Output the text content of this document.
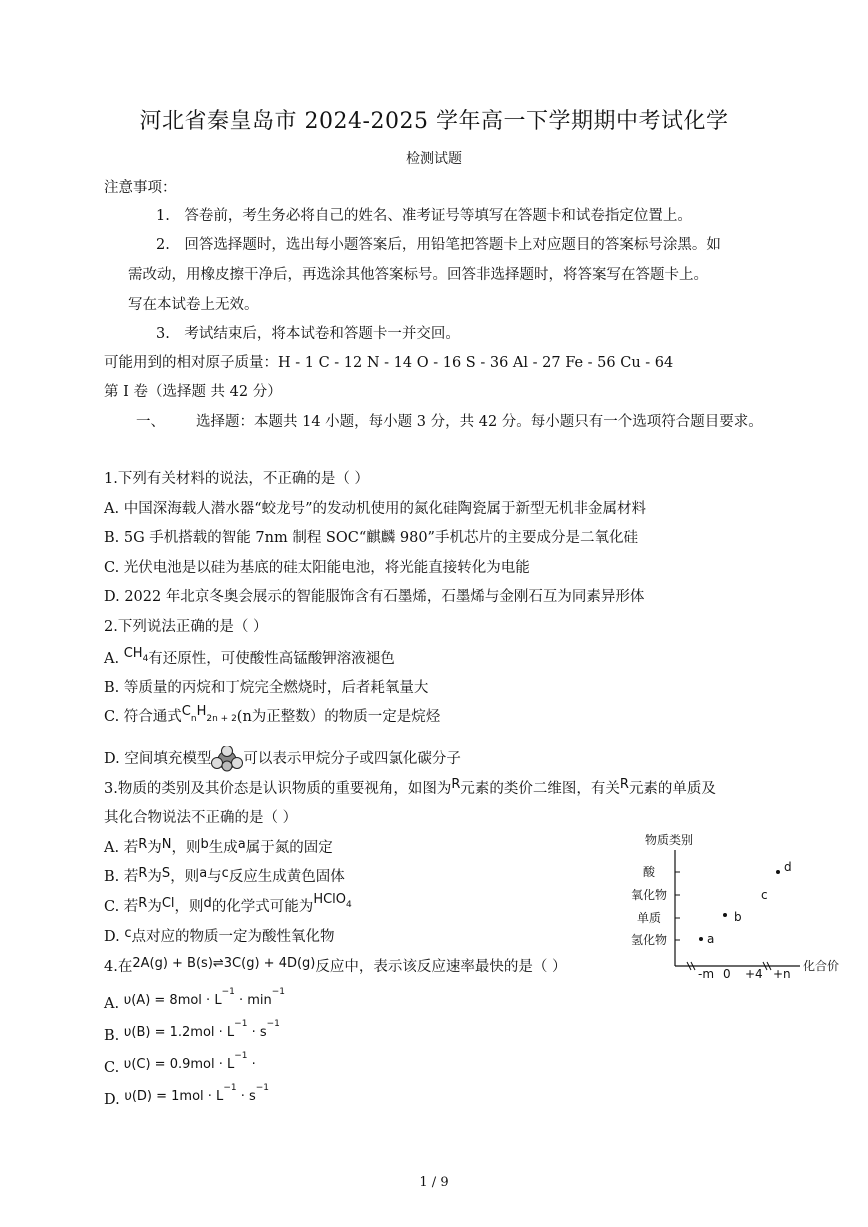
河北省秦皇岛市 2024-2025 学年高一下学期期中考试化学
检测试题
注意事项：
1.　答卷前，考生务必将自己的姓名、准考证号等填写在答题卡和试卷指定位置上。
2.　回答选择题时，选出每小题答案后，用铅笔把答题卡上对应题目的答案标号涂黑。如
需改动，用橡皮擦干净后，再选涂其他答案标号。回答非选择题时，将答案写在答题卡上。
写在本试卷上无效。
3.　考试结束后，将本试卷和答题卡一并交回。
可能用到的相对原子质量：H - 1 C - 12 N - 14 O - 16 S - 36 Al - 27 Fe - 56 Cu - 64
第 I 卷（选择题 共 42 分）
一、 选择题：本题共 14 小题，每小题 3 分，共 42 分。每小题只有一个选项符合题目要求。
1.下列有关材料的说法，不正确的是（ ）
A. 中国深海载人潜水器“蛟龙号”的发动机使用的氮化硅陶瓷属于新型无机非金属材料
B. 5G 手机搭载的智能 7nm 制程 SOC“麒麟 980”手机芯片的主要成分是二氧化硅
C. 光伏电池是以硅为基底的硅太阳能电池，将光能直接转化为电能
D. 2022 年北京冬奥会展示的智能服饰含有石墨烯，石墨烯与金刚石互为同素异形体
2.下列说法正确的是（ ）
A. $CH_4$有还原性，可使酸性高锰酸钾溶液褪色
B. 等质量的丙烷和丁烷完全燃烧时，后者耗氧量大
C. 符合通式CnH2n + 2(n为正整数）的物质一定是烷烃
D. 空间填充模型 可以表示甲烷分子或四氯化碳分子
3.物质的类别及其价态是认识物质的重要视角，如图为R元素的类价二维图，有关R元素的单质及
其化合物说法不正确的是（ ）
A. 若R为N，则b生成a属于氮的固定
B. 若R为S，则a与c反应生成黄色固体
C. 若R为Cl，则d的化学式可能为HClO$^4$
D. c点对应的物质一定为酸性氧化物
物质类别
化合价
酸
氧化物
单质
氢化物
-m 0 +4 +n
a
b
c
d
4.在2A(g) + B(s)⇌3C(g) + 4D(g)反应中，表示该反应速率最快的是（ ）
A. $\upsilon(A) = 8mol \cdot L^{-1} \cdot \min^{-1}$
B. $\upsilon(B) = 1.2mol \cdot L^{-1} \cdot s^{-1}$
C. $\upsilon(C) = 0.9mol \cdot L^{-1}$ ·
D. $\upsilon(D) = 1mol \cdot L^{-1} \cdot s^{-1}$
1 / 9
